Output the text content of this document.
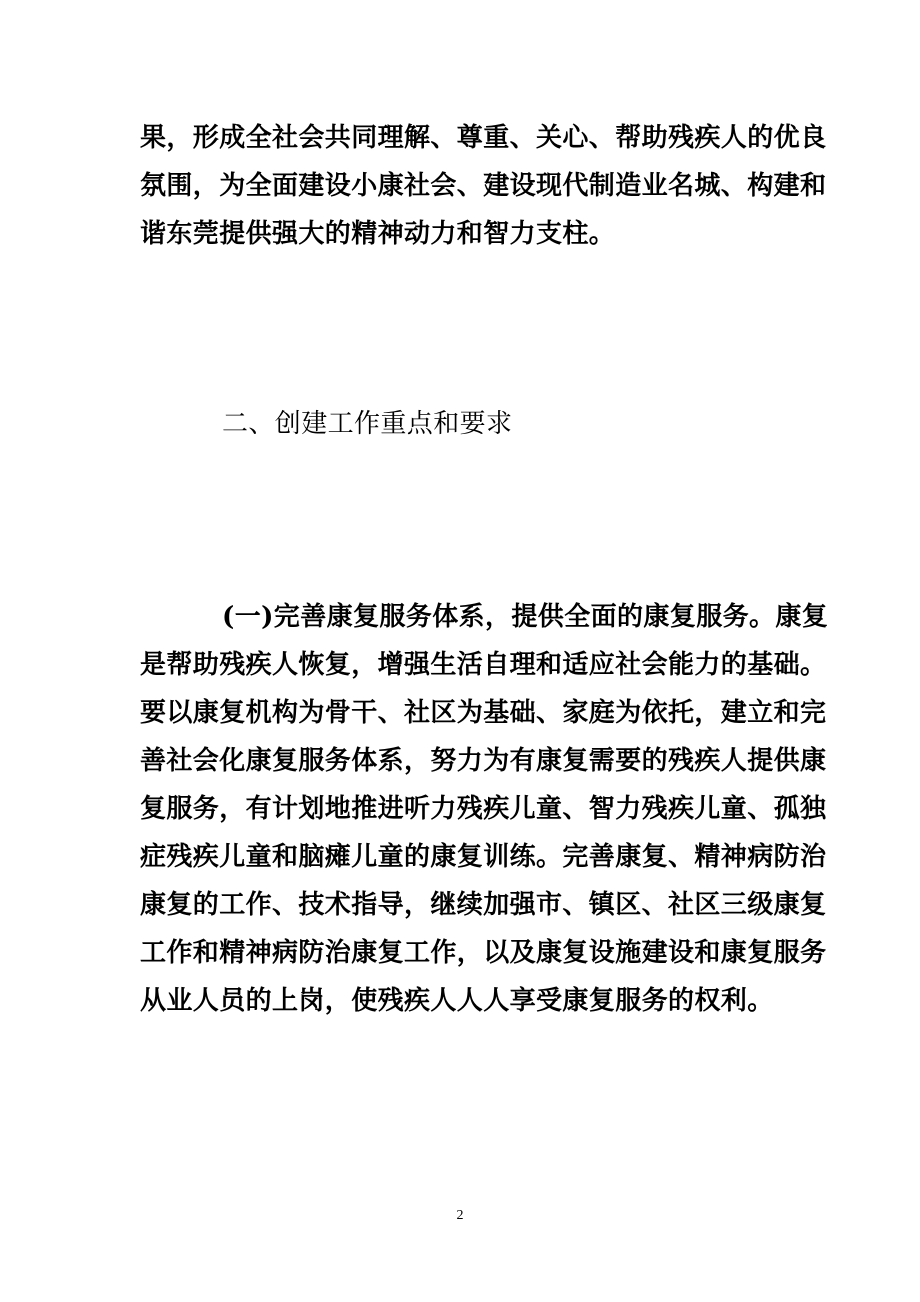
果，形成全社会共同理解、尊重、关心、帮助残疾人的优良
氛围，为全面建设小康社会、建设现代制造业名城、构建和
谐东莞提供强大的精神动力和智力支柱。
二、创建工作重点和要求
(一)完善康复服务体系，提供全面的康复服务。康复
是帮助残疾人恢复，增强生活自理和适应社会能力的基础。
要以康复机构为骨干、社区为基础、家庭为依托，建立和完
善社会化康复服务体系，努力为有康复需要的残疾人提供康
复服务，有计划地推进听力残疾儿童、智力残疾儿童、孤独
症残疾儿童和脑瘫儿童的康复训练。完善康复、精神病防治
康复的工作、技术指导，继续加强市、镇区、社区三级康复
工作和精神病防治康复工作，以及康复设施建设和康复服务
从业人员的上岗，使残疾人人人享受康复服务的权利。
2
